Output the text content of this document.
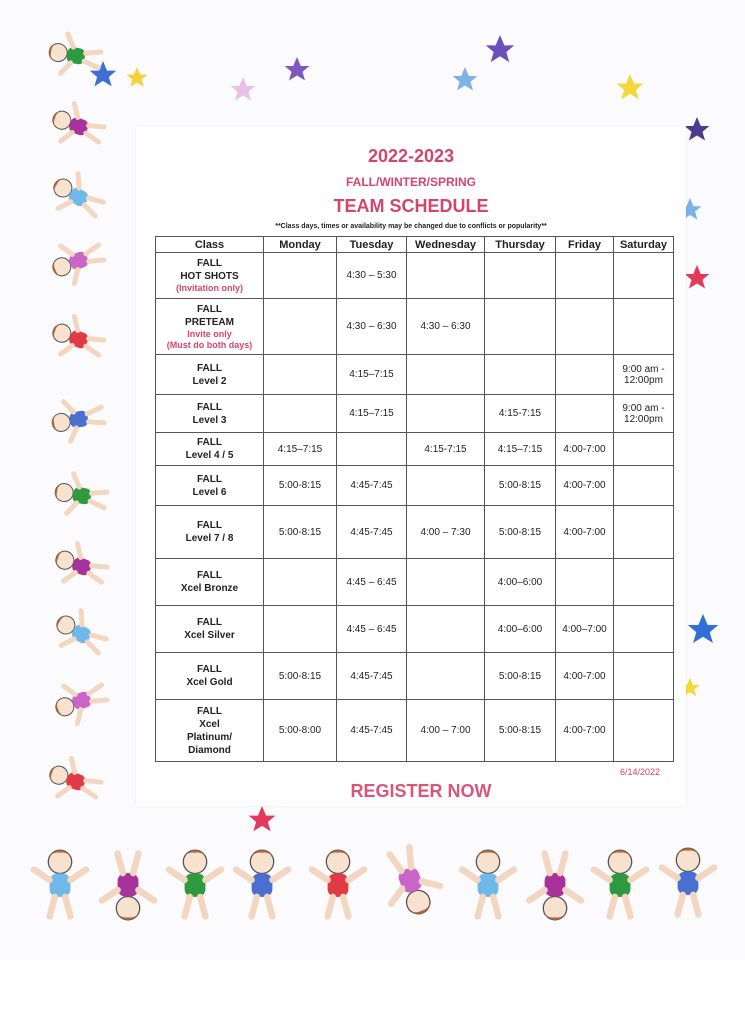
2022-2023
FALL/WINTER/SPRING
TEAM SCHEDULE
**Class days, times or availability may be changed due to conflicts or popularity**
Class	Monday	Tuesday	Wednesday	Thursday	Friday	Saturday

FALL
HOT SHOTS
(Invitation only)		4:30 – 5:30				

FALL
PRETEAM
Invite only
(Must do both days)		4:30 – 6:30	4:30 – 6:30			

FALL
Level 2		4:15–7:15				9:00 am - 12:00pm

FALL
Level 3		4:15–7:15		4:15-7:15		9:00 am - 12:00pm

FALL
Level 4 / 5	4:15–7:15		4:15-7:15	4:15–7:15	4:00-7:00	

FALL
Level 6	5:00-8:15	4:45-7:45		5:00-8:15	4:00-7:00	

FALL
Level 7 / 8	5:00-8:15	4:45-7:45	4:00 – 7:30	5:00-8:15	4:00-7:00	

FALL
Xcel Bronze		4:45 – 6:45		4:00–6:00		

FALL
Xcel Silver		4:45 – 6:45		4:00–6:00	4:00–7:00	

FALL
Xcel Gold	5:00-8:15	4:45-7:45		5:00-8:15	4:00-7:00	

FALL
Xcel
Platinum/
Diamond	5:00-8:00	4:45-7:45	4:00 – 7:00	5:00-8:15	4:00-7:00	
6/14/2022
REGISTER NOW
